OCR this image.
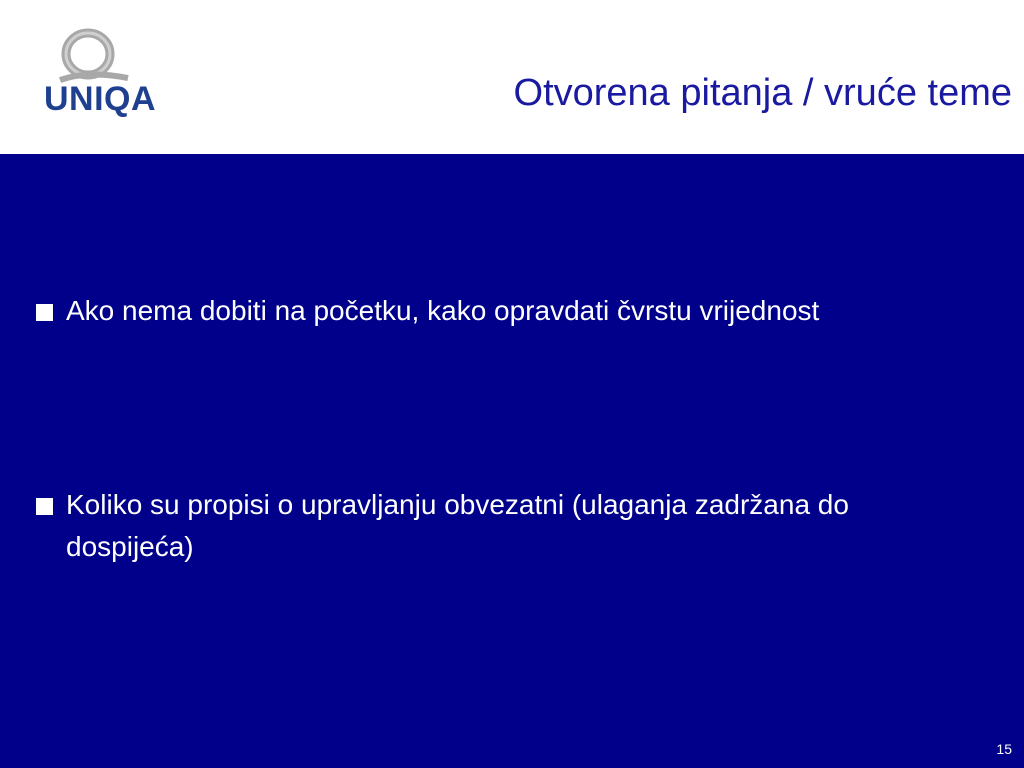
UNIQA	Otvorena pitanja / vruće teme
Ako nema dobiti na početku, kako opravdati čvrstu vrijednost
Koliko su propisi o upravljanju obvezatni (ulaganja zadržana do dospijeća)
15
